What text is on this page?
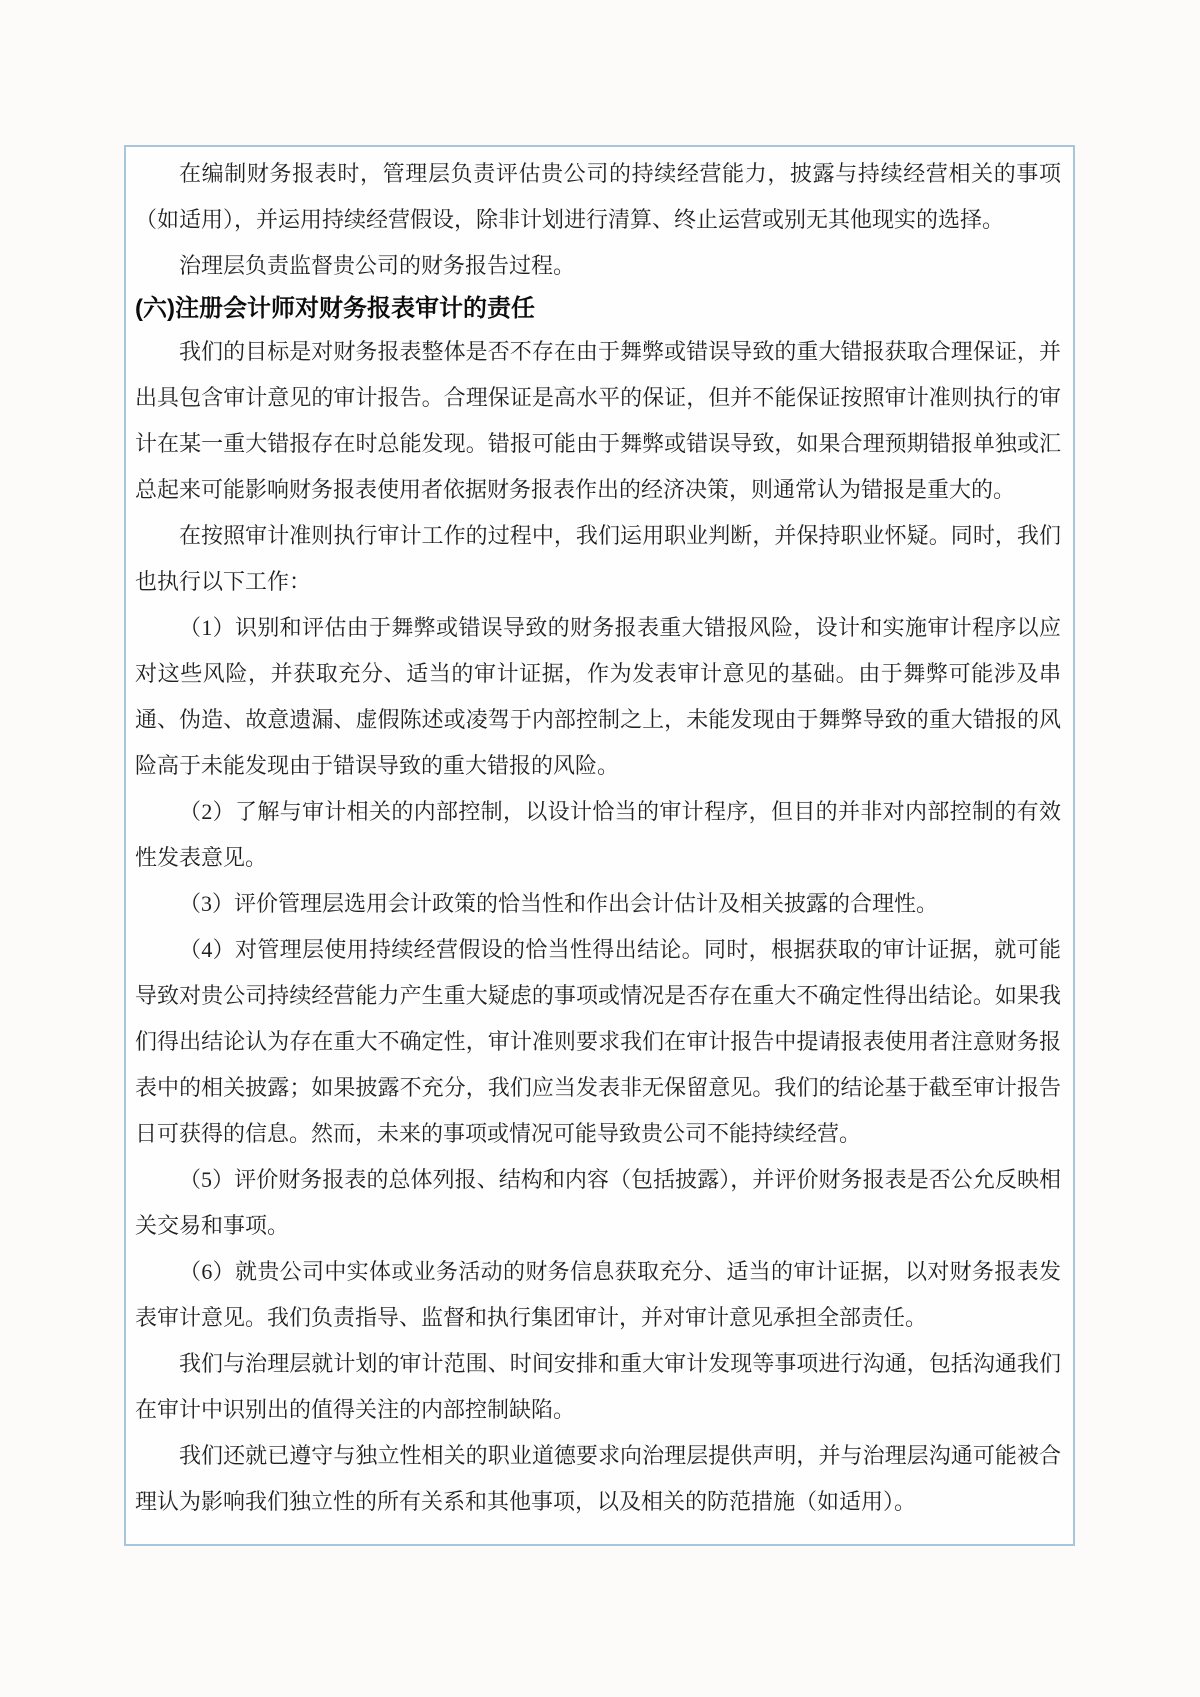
在编制财务报表时，管理层负责评估贵公司的持续经营能力，披露与持续经营相关的事项（如适用），并运用持续经营假设，除非计划进行清算、终止运营或别无其他现实的选择。

治理层负责监督贵公司的财务报告过程。

(六)注册会计师对财务报表审计的责任

我们的目标是对财务报表整体是否不存在由于舞弊或错误导致的重大错报获取合理保证，并出具包含审计意见的审计报告。合理保证是高水平的保证，但并不能保证按照审计准则执行的审计在某一重大错报存在时总能发现。错报可能由于舞弊或错误导致，如果合理预期错报单独或汇总起来可能影响财务报表使用者依据财务报表作出的经济决策，则通常认为错报是重大的。

在按照审计准则执行审计工作的过程中，我们运用职业判断，并保持职业怀疑。同时，我们也执行以下工作：

（1）识别和评估由于舞弊或错误导致的财务报表重大错报风险，设计和实施审计程序以应对这些风险，并获取充分、适当的审计证据，作为发表审计意见的基础。由于舞弊可能涉及串通、伪造、故意遗漏、虚假陈述或凌驾于内部控制之上，未能发现由于舞弊导致的重大错报的风险高于未能发现由于错误导致的重大错报的风险。

（2）了解与审计相关的内部控制，以设计恰当的审计程序，但目的并非对内部控制的有效性发表意见。

（3）评价管理层选用会计政策的恰当性和作出会计估计及相关披露的合理性。

（4）对管理层使用持续经营假设的恰当性得出结论。同时，根据获取的审计证据，就可能导致对贵公司持续经营能力产生重大疑虑的事项或情况是否存在重大不确定性得出结论。如果我们得出结论认为存在重大不确定性，审计准则要求我们在审计报告中提请报表使用者注意财务报表中的相关披露；如果披露不充分，我们应当发表非无保留意见。我们的结论基于截至审计报告日可获得的信息。然而，未来的事项或情况可能导致贵公司不能持续经营。

（5）评价财务报表的总体列报、结构和内容（包括披露），并评价财务报表是否公允反映相关交易和事项。

（6）就贵公司中实体或业务活动的财务信息获取充分、适当的审计证据，以对财务报表发表审计意见。我们负责指导、监督和执行集团审计，并对审计意见承担全部责任。

我们与治理层就计划的审计范围、时间安排和重大审计发现等事项进行沟通，包括沟通我们在审计中识别出的值得关注的内部控制缺陷。

我们还就已遵守与独立性相关的职业道德要求向治理层提供声明，并与治理层沟通可能被合理认为影响我们独立性的所有关系和其他事项，以及相关的防范措施（如适用）。
